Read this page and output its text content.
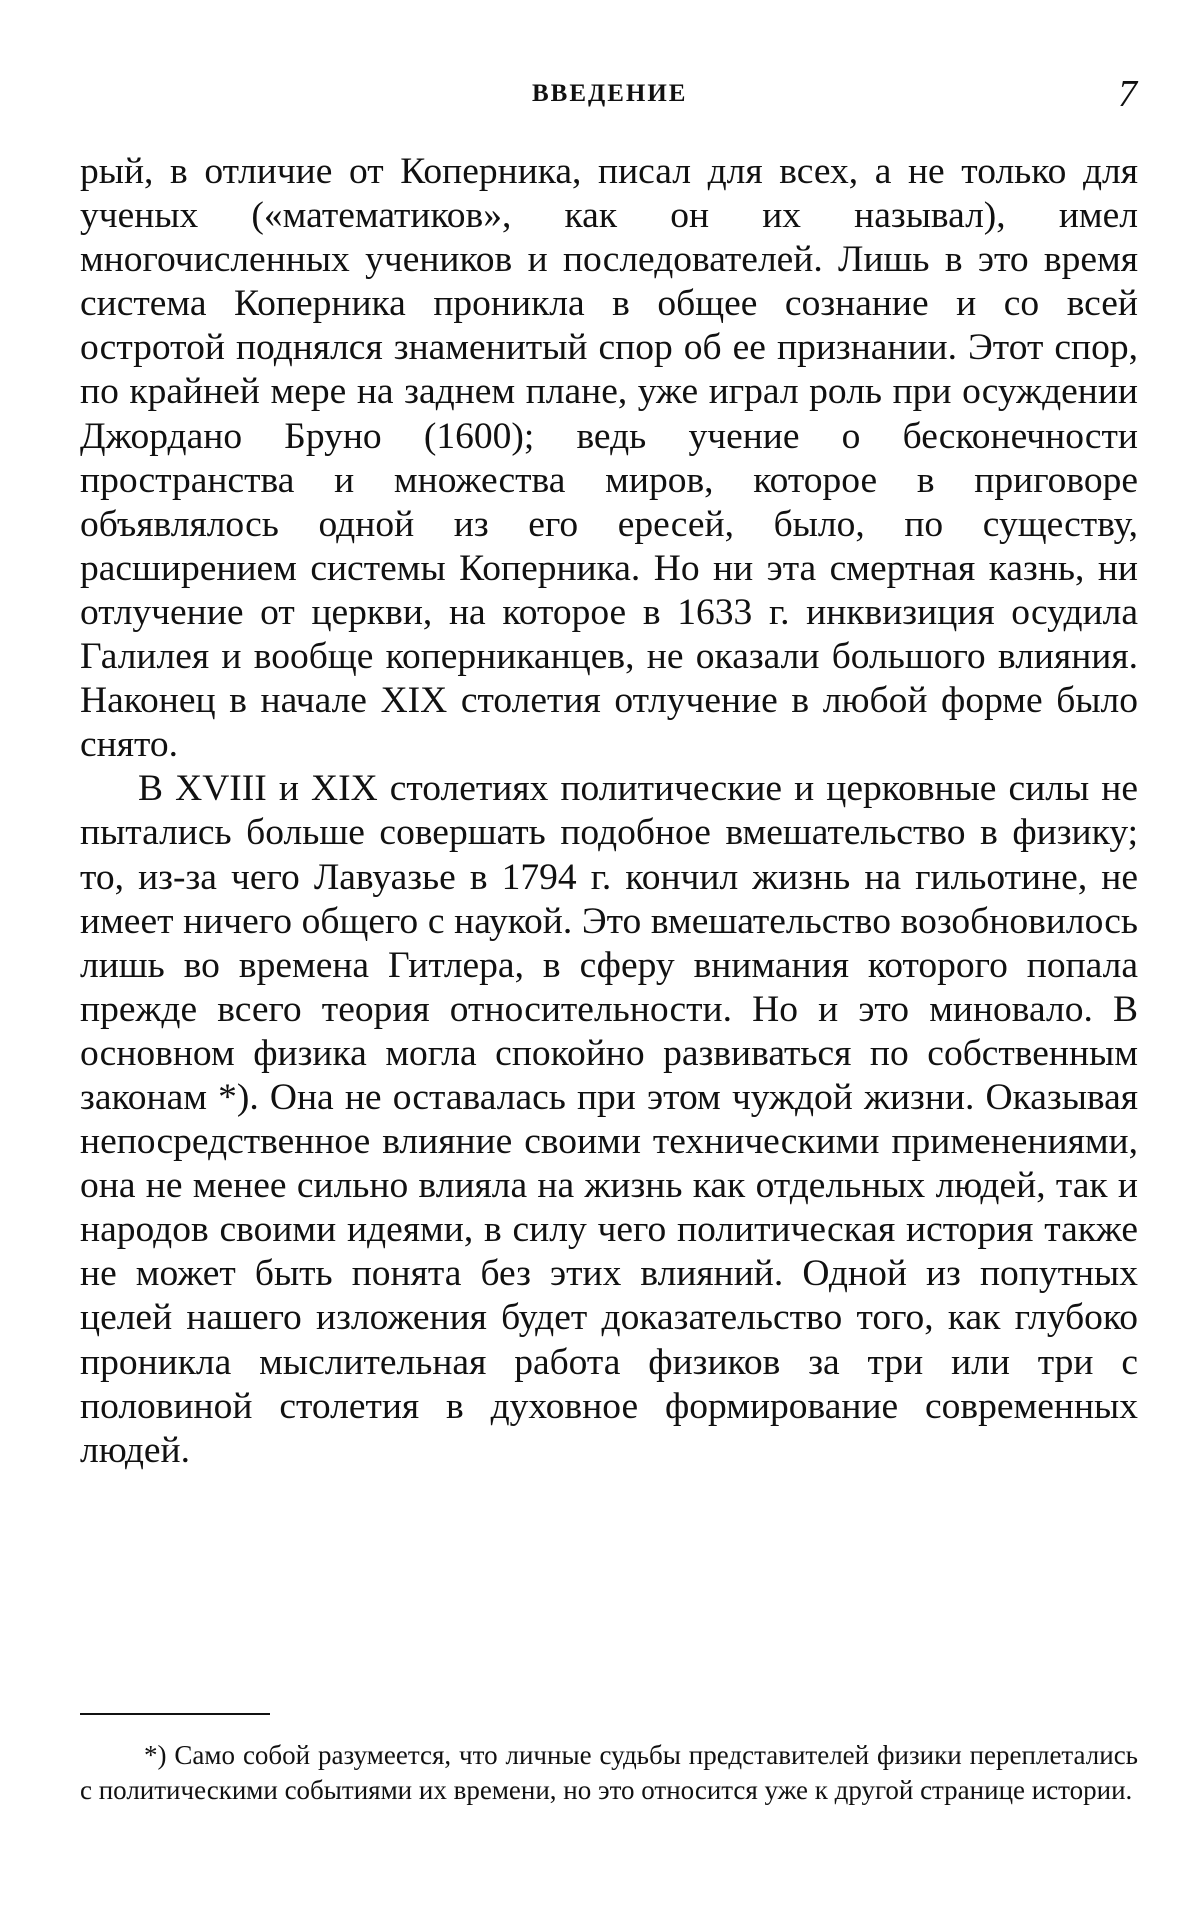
ВВЕДЕНИЕ	7

рый, в отличие от Коперника, писал для всех, а не только для ученых («математиков», как он их называл), имел многочисленных учеников и последователей. Лишь в это время система Коперника проникла в общее сознание и со всей остротой поднялся знаменитый спор об ее признании. Этот спор, по крайней мере на заднем плане, уже играл роль при осуждении Джордано Бруно (1600); ведь учение о бесконечности пространства и множества миров, которое в приговоре объявлялось одной из его ересей, было, по существу, расширением системы Коперника. Но ни эта смертная казнь, ни отлучение от церкви, на которое в 1633 г. инквизиция осудила Галилея и вообще коперниканцев, не оказали большого влияния. Наконец в начале XIX столетия отлучение в любой форме было снято.

В XVIII и XIX столетиях политические и церковные силы не пытались больше совершать подобное вмешательство в физику; то, из-за чего Лавуазье в 1794 г. кончил жизнь на гильотине, не имеет ничего общего с наукой. Это вмешательство возобновилось лишь во времена Гитлера, в сферу внимания которого попала прежде всего теория относительности. Но и это миновало. В основном физика могла спокойно развиваться по собственным законам *). Она не оставалась при этом чуждой жизни. Оказывая непосредственное влияние своими техническими применениями, она не менее сильно влияла на жизнь как отдельных людей, так и народов своими идеями, в силу чего политическая история также не может быть понята без этих влияний. Одной из попутных целей нашего изложения будет доказательство того, как глубоко проникла мыслительная работа физиков за три или три с половиной столетия в духовное формирование современных людей.

*) Само собой разумеется, что личные судьбы представителей физики переплетались с политическими событиями их времени, но это относится уже к другой странице истории.
